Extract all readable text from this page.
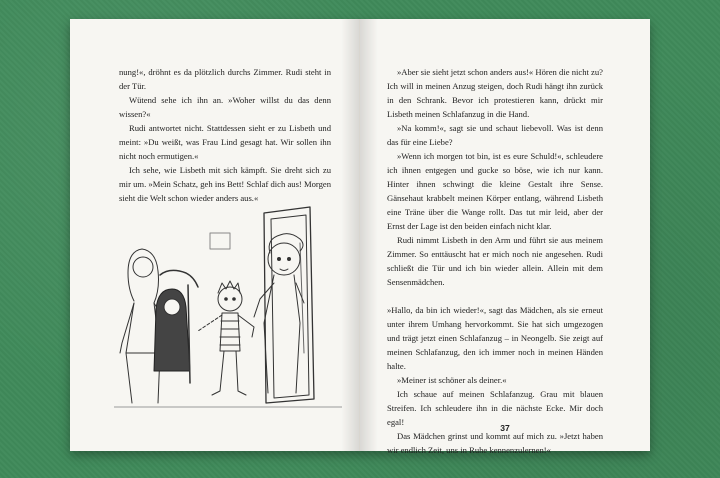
nung!«, dröhnt es da plötzlich durchs Zimmer. Rudi steht in der Tür.

Wütend sehe ich ihn an. »Woher willst du das denn wissen?«

Rudi antwortet nicht. Stattdessen sieht er zu Lisbeth und meint: »Du weißt, was Frau Lind gesagt hat. Wir sollen ihn nicht noch ermutigen.«

Ich sehe, wie Lisbeth mit sich kämpft. Sie dreht sich zu mir um. »Mein Schatz, geh ins Bett! Schlaf dich aus! Morgen sieht die Welt schon wieder anders aus.«

»Aber sie sieht jetzt schon anders aus!« Hören die nicht zu? Ich will in meinen Anzug steigen, doch Rudi hängt ihn zurück in den Schrank. Bevor ich protestieren kann, drückt mir Lisbeth meinen Schlafanzug in die Hand.

»Na komm!«, sagt sie und schaut liebevoll. Was ist denn das für eine Liebe?

»Wenn ich morgen tot bin, ist es eure Schuld!«, schleudere ich ihnen entgegen und gucke so böse, wie ich nur kann. Hinter ihnen schwingt die kleine Gestalt ihre Sense. Gänsehaut krabbelt meinen Körper entlang, während Lisbeth eine Träne über die Wange rollt. Das tut mir leid, aber der Ernst der Lage ist den beiden einfach nicht klar.

Rudi nimmt Lisbeth in den Arm und führt sie aus meinem Zimmer. So enttäuscht hat er mich noch nie angesehen. Rudi schließt die Tür und ich bin wieder allein. Allein mit dem Sensenmädchen.

»Hallo, da bin ich wieder!«, sagt das Mädchen, als sie erneut unter ihrem Umhang hervorkommt. Sie hat sich umgezogen und trägt jetzt einen Schlafanzug – in Neongelb. Sie zeigt auf meinen Schlafanzug, den ich immer noch in meinen Händen halte.

»Meiner ist schöner als deiner.«

Ich schaue auf meinen Schlafanzug. Grau mit blauen Streifen. Ich schleudere ihn in die nächste Ecke. Mir doch egal!

Das Mädchen grinst und kommt auf mich zu. »Jetzt haben wir endlich Zeit, uns in Ruhe kennenzulernen!«

37
